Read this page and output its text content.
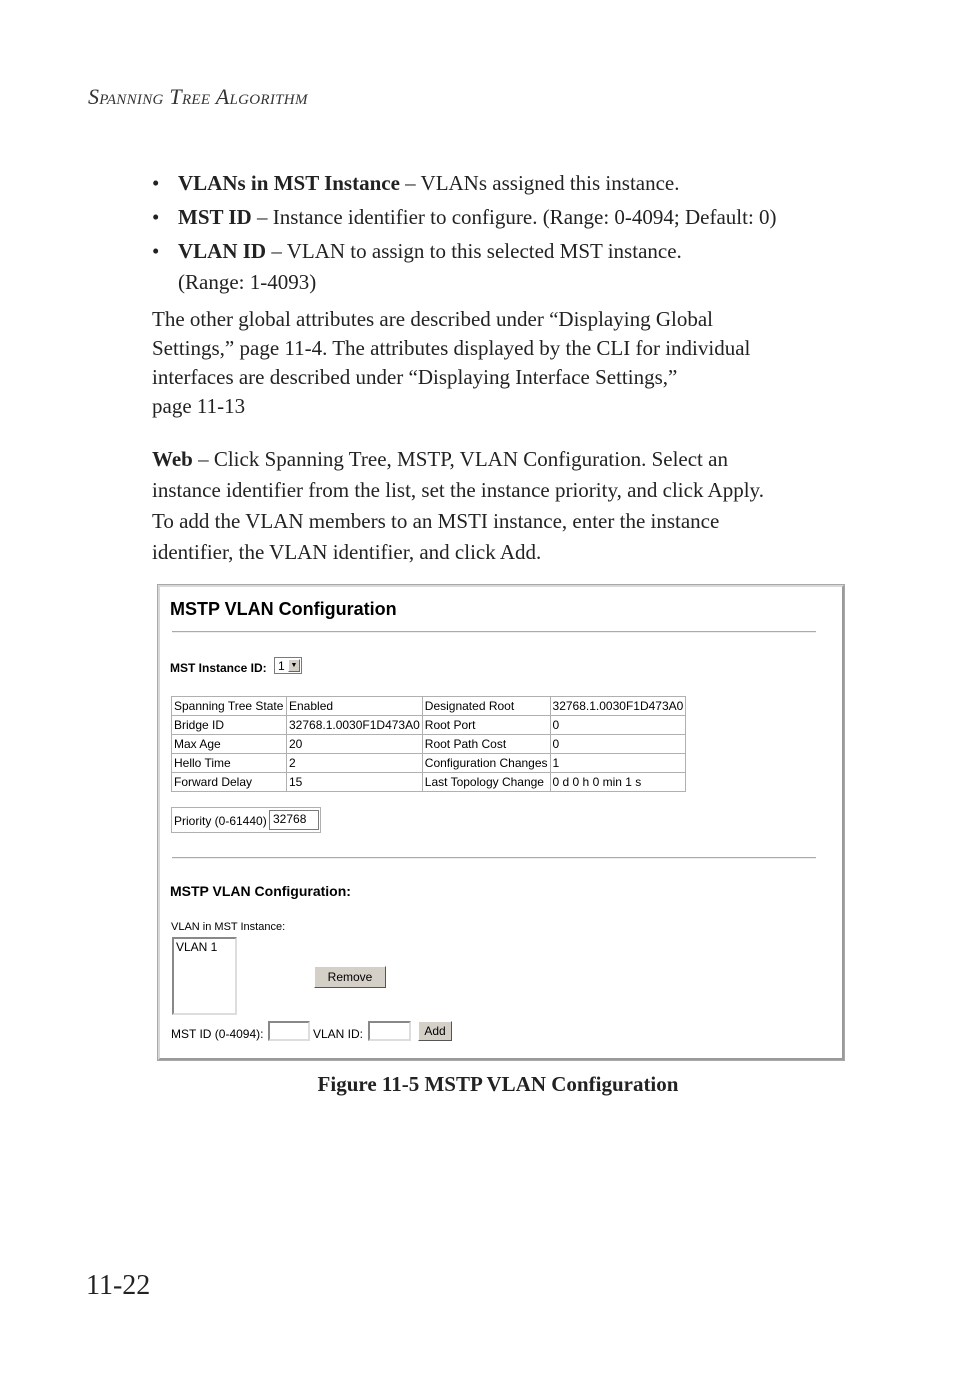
Spanning Tree Algorithm
• VLANs in MST Instance – VLANs assigned this instance.
• MST ID – Instance identifier to configure. (Range: 0-4094; Default: 0)
• VLAN ID – VLAN to assign to this selected MST instance.
(Range: 1-4093)

The other global attributes are described under “Displaying Global
Settings,” page 11-4. The attributes displayed by the CLI for individual
interfaces are described under “Displaying Interface Settings,”
page 11-13

Web – Click Spanning Tree, MSTP, VLAN Configuration. Select an
instance identifier from the list, set the instance priority, and click Apply.
To add the VLAN members to an MSTI instance, enter the instance
identifier, the VLAN identifier, and click Add.

MSTP VLAN Configuration
MST Instance ID: 1 ▼
Spanning Tree State	Enabled	Designated Root	32768.1.0030F1D473A0
Bridge ID	32768.1.0030F1D473A0	Root Port	0
Max Age	20	Root Path Cost	0
Hello Time	2	Configuration Changes	1
Forward Delay	15	Last Topology Change	0 d 0 h 0 min 1 s
Priority (0-61440) 32768
MSTP VLAN Configuration:
VLAN in MST Instance:
VLAN 1
Remove
MST ID (0-4094):	VLAN ID:	Add
Figure 11-5 MSTP VLAN Configuration
11-22
